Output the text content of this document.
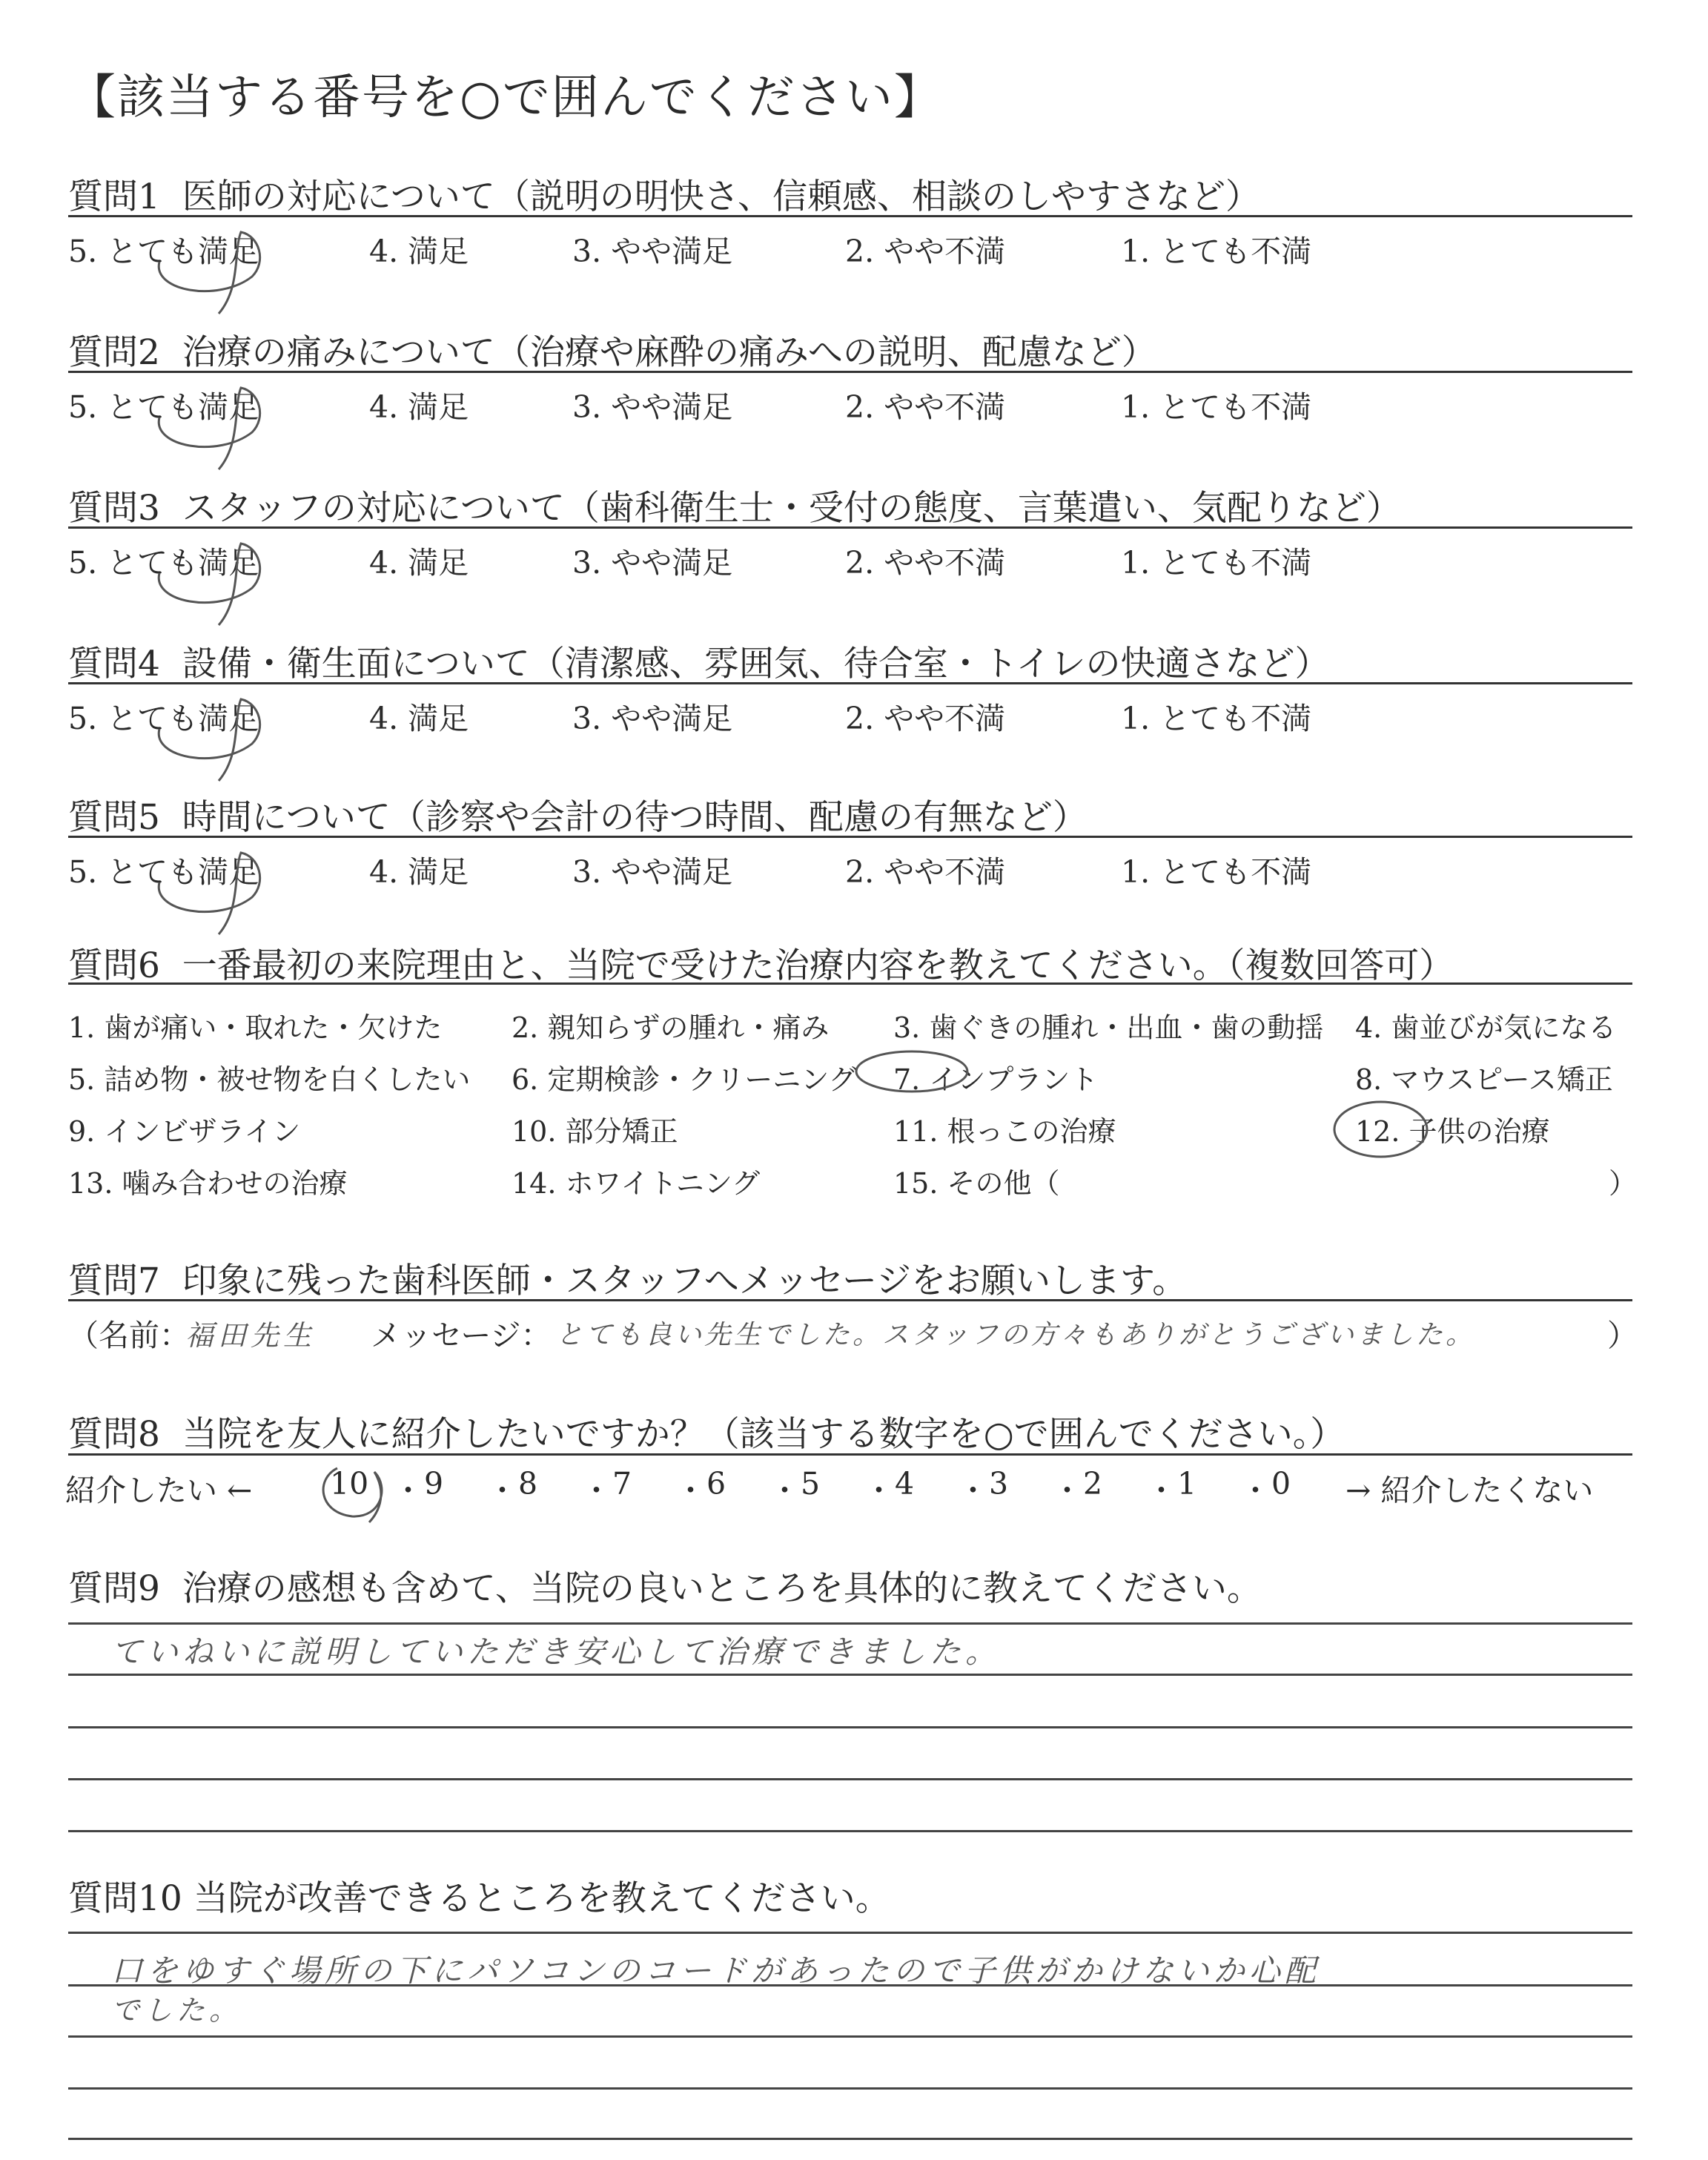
【該当する番号を○で囲んでください】
質問1 医師の対応について（説明の明快さ、信頼感、相談のしやすさなど）
5. とても満足	4. 満足	3. やや満足	2. やや不満	1. とても不満
質問2 治療の痛みについて（治療や麻酔の痛みへの説明、配慮など）
5. とても満足	4. 満足	3. やや満足	2. やや不満	1. とても不満
質問3 スタッフの対応について（歯科衛生士・受付の態度、言葉遣い、気配りなど）
5. とても満足	4. 満足	3. やや満足	2. やや不満	1. とても不満
質問4 設備・衛生面について（清潔感、雰囲気、待合室・トイレの快適さなど）
5. とても満足	4. 満足	3. やや満足	2. やや不満	1. とても不満
質問5 時間について（診察や会計の待つ時間、配慮の有無など）
5. とても満足	4. 満足	3. やや満足	2. やや不満	1. とても不満
質問6 一番最初の来院理由と、当院で受けた治療内容を教えてください。（複数回答可）
1. 歯が痛い・取れた・欠けた 2. 親知らずの腫れ・痛み 3. 歯ぐきの腫れ・出血・歯の動揺 4. 歯並びが気になる
5. 詰め物・被せ物を白くしたい 6. 定期検診・クリーニング 7. インプラント	8. マウスピース矯正
9. インビザライン	10. 部分矯正	11. 根っこの治療	12. 子供の治療
13. 噛み合わせの治療	14. ホワイトニング	15. その他（	）
質問7 印象に残った歯科医師・スタッフへメッセージをお願いします。
（名前：
福田先生 メッセージ： とても良い先生でした。スタッフの方々もありがとうございました。	）
質問8 当院を友人に紹介したいですか？（該当する数字を○で囲んでください。）
紹介したい ←	10 ・ 9 ・ 8 ・ 7 ・ 6 ・ 5 ・ 4 ・ 3 ・ 2 ・ 1 ・ 0 → 紹介したくない
質問9 治療の感想も含めて、当院の良いところを具体的に教えてください。
ていねいに説明していただき安心して治療できました。
質問10 当院が改善できるところを教えてください。
口をゆすぐ場所の下にパソコンのコードがあったので子供がかけないか心配
でした。
